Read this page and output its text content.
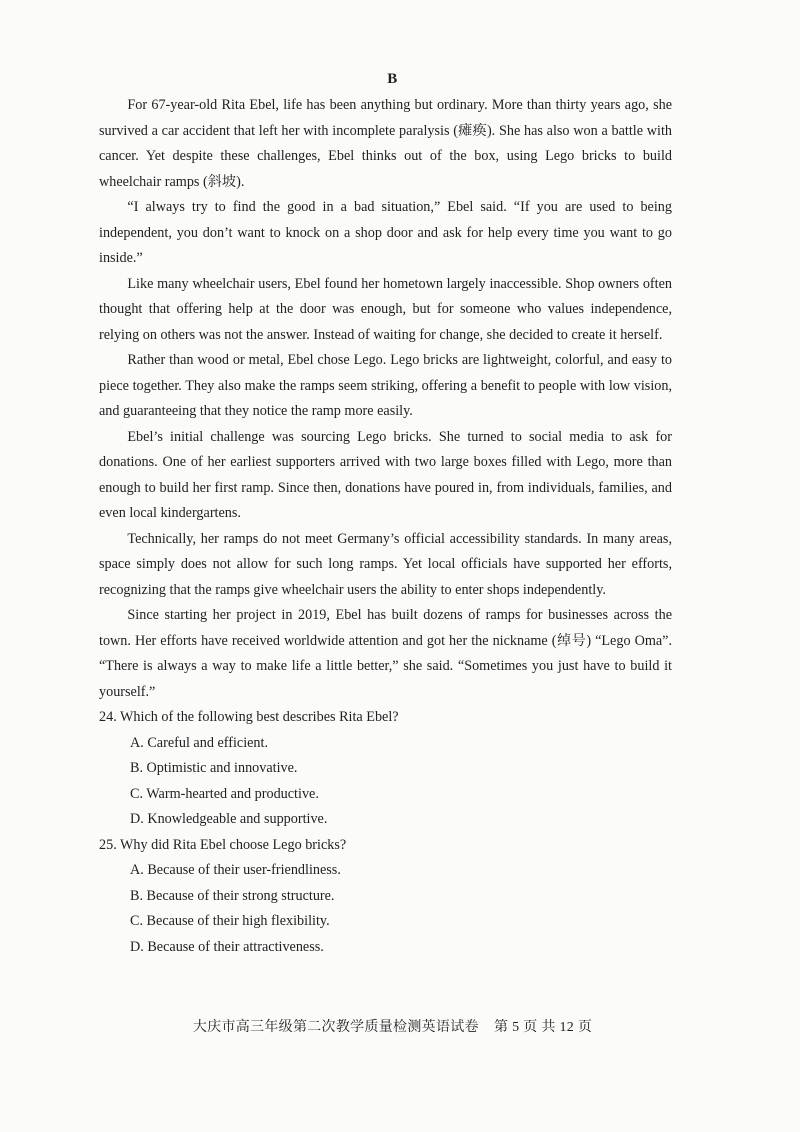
B

For 67-year-old Rita Ebel, life has been anything but ordinary. More than thirty years ago, she survived a car accident that left her with incomplete paralysis (瘫痪). She has also won a battle with cancer. Yet despite these challenges, Ebel thinks out of the box, using Lego bricks to build wheelchair ramps (斜坡).

“I always try to find the good in a bad situation,” Ebel said. “If you are used to being independent, you don’t want to knock on a shop door and ask for help every time you want to go inside.”

Like many wheelchair users, Ebel found her hometown largely inaccessible. Shop owners often thought that offering help at the door was enough, but for someone who values independence, relying on others was not the answer. Instead of waiting for change, she decided to create it herself.

Rather than wood or metal, Ebel chose Lego. Lego bricks are lightweight, colorful, and easy to piece together. They also make the ramps seem striking, offering a benefit to people with low vision, and guaranteeing that they notice the ramp more easily.

Ebel’s initial challenge was sourcing Lego bricks. She turned to social media to ask for donations. One of her earliest supporters arrived with two large boxes filled with Lego, more than enough to build her first ramp. Since then, donations have poured in, from individuals, families, and even local kindergartens.

Technically, her ramps do not meet Germany’s official accessibility standards. In many areas, space simply does not allow for such long ramps. Yet local officials have supported her efforts, recognizing that the ramps give wheelchair users the ability to enter shops independently.

Since starting her project in 2019, Ebel has built dozens of ramps for businesses across the town. Her efforts have received worldwide attention and got her the nickname (绰号) “Lego Oma”. “There is always a way to make life a little better,” she said. “Sometimes you just have to build it yourself.”

24. Which of the following best describes Rita Ebel?

A. Careful and efficient.

B. Optimistic and innovative.

C. Warm-hearted and productive.

D. Knowledgeable and supportive.

25. Why did Rita Ebel choose Lego bricks?

A. Because of their user-friendliness.

B. Because of their strong structure.

C. Because of their high flexibility.

D. Because of their attractiveness.

大庆市高三年级第二次教学质量检测英语试卷 第 5 页 共 12 页
